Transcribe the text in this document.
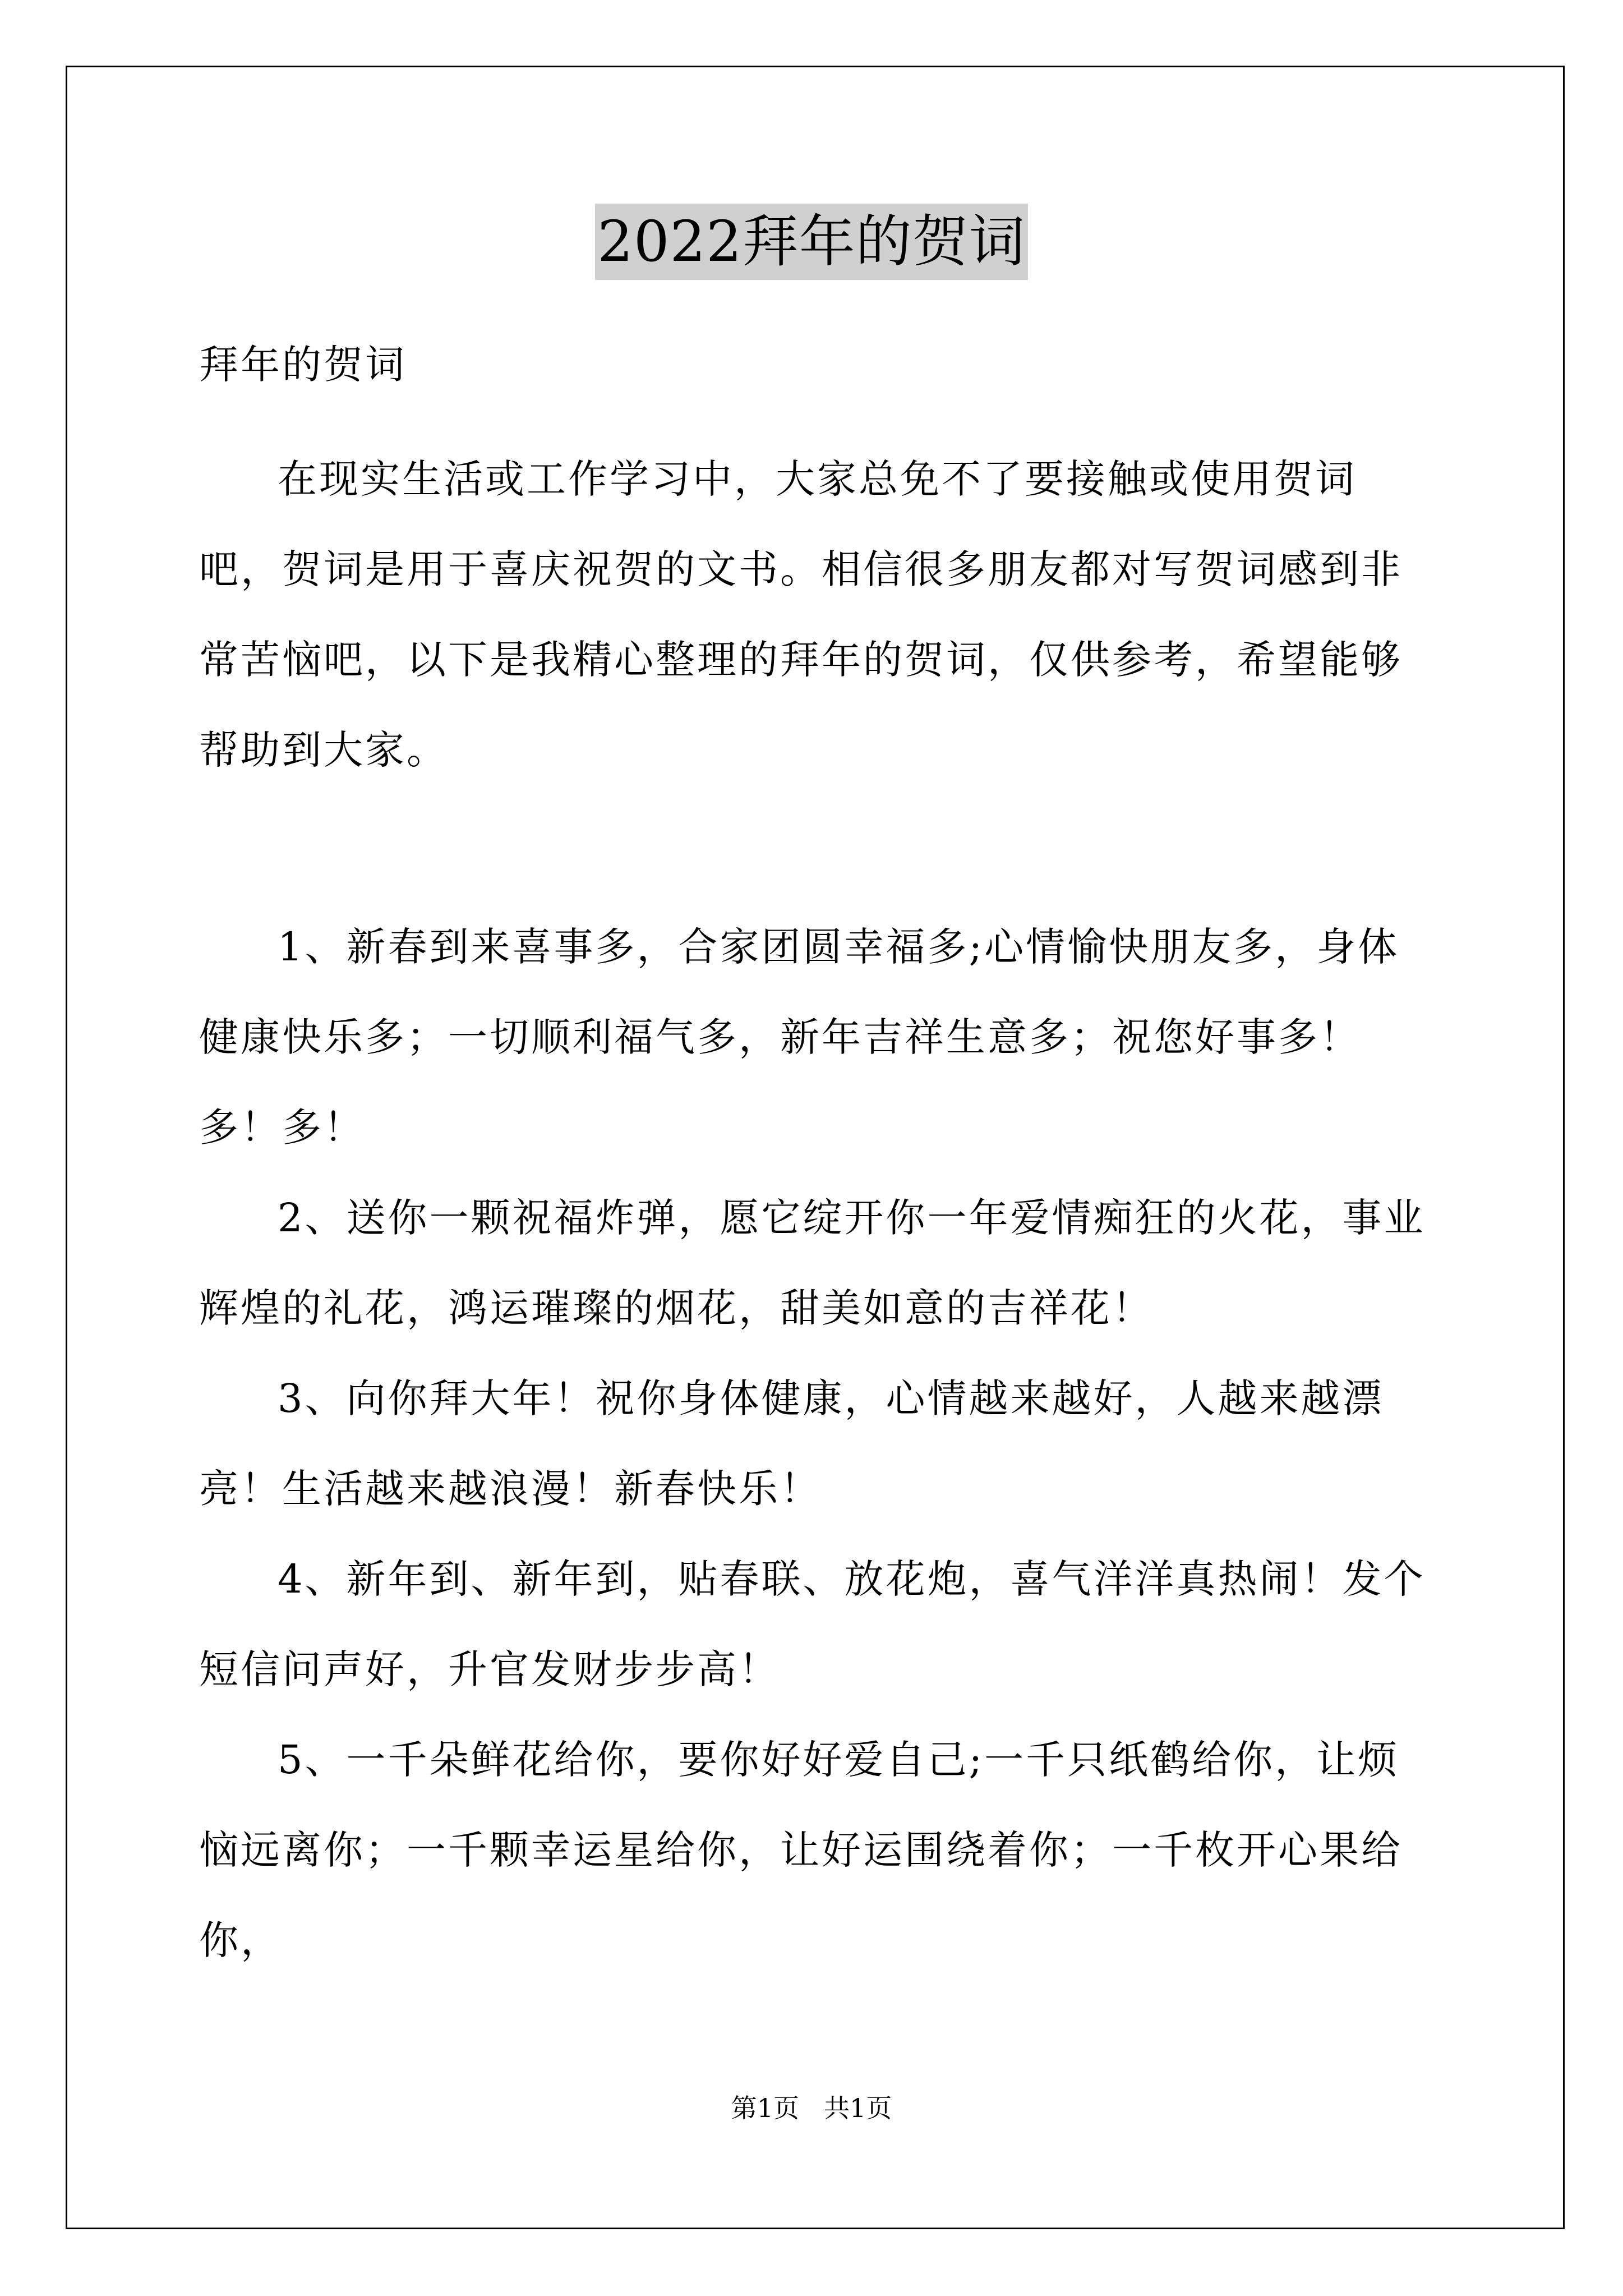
2022拜年的贺词

拜年的贺词

在现实生活或工作学习中，大家总免不了要接触或使用贺词吧，贺词是用于喜庆祝贺的文书。相信很多朋友都对写贺词感到非常苦恼吧，以下是我精心整理的拜年的贺词，仅供参考，希望能够帮助到大家。

1、新春到来喜事多，合家团圆幸福多;心情愉快朋友多，身体健康快乐多；一切顺利福气多，新年吉祥生意多；祝您好事多！多！多！

2、送你一颗祝福炸弹，愿它绽开你一年爱情痴狂的火花，事业辉煌的礼花，鸿运璀璨的烟花，甜美如意的吉祥花！

3、向你拜大年！祝你身体健康，心情越来越好，人越来越漂亮！生活越来越浪漫！新春快乐！

4、新年到、新年到，贴春联、放花炮，喜气洋洋真热闹！发个短信问声好，升官发财步步高！

5、一千朵鲜花给你，要你好好爱自己;一千只纸鹤给你，让烦恼远离你；一千颗幸运星给你，让好运围绕着你；一千枚开心果给你，

第1页 共1页
